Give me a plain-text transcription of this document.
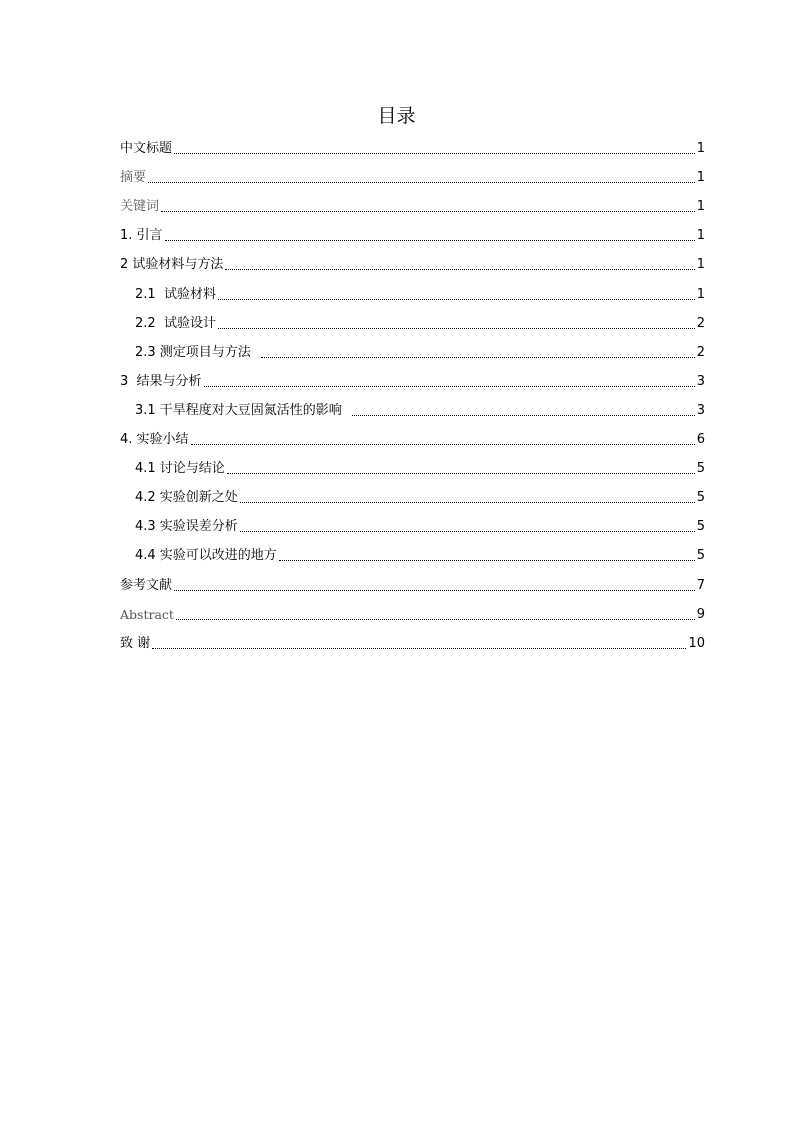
目录
中文标题	1
摘要	1
关键词	1
1. 引言	1
2 试验材料与方法	1
2.1  试验材料	1
2.2  试验设计	2
2.3 测定项目与方法	2
3  结果与分析	3
3.1 干旱程度对大豆固氮活性的影响	3
4. 实验小结	6
4.1 讨论与结论	5
4.2 实验创新之处	5
4.3 实验误差分析	5
4.4 实验可以改进的地方	5
参考文献	7
Abstract	9
致 谢	10
